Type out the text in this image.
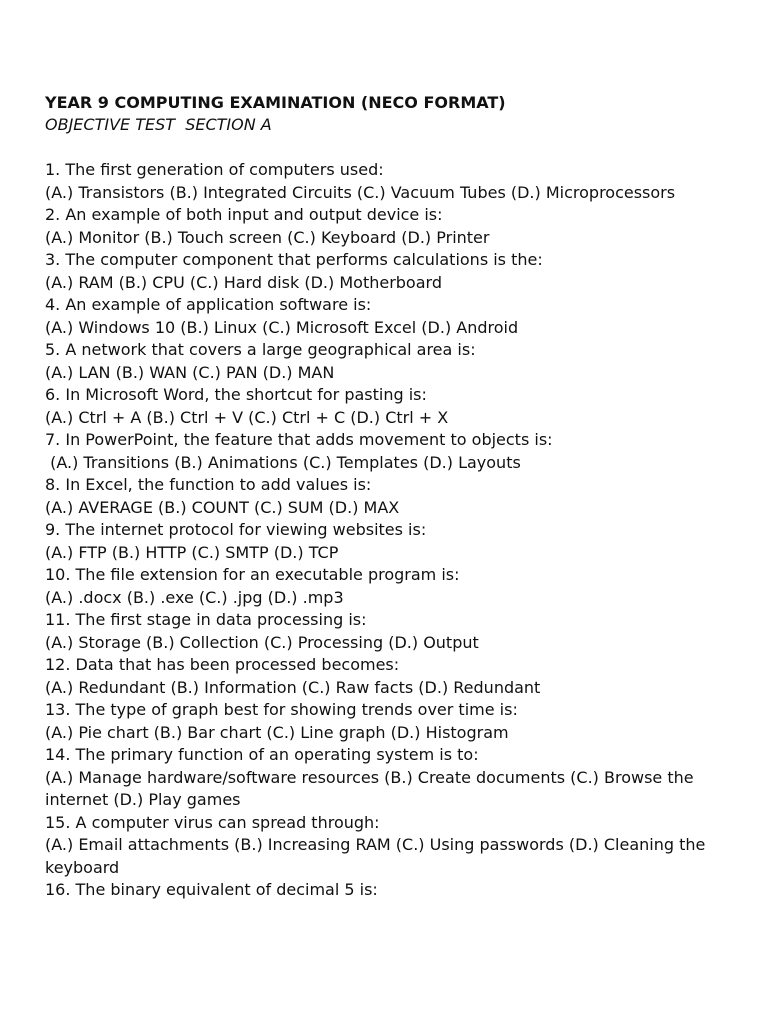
YEAR 9 COMPUTING EXAMINATION (NECO FORMAT)

OBJECTIVE TEST  SECTION A

1. The first generation of computers used:

(A.) Transistors (B.) Integrated Circuits (C.) Vacuum Tubes (D.) Microprocessors

2. An example of both input and output device is:

(A.) Monitor (B.) Touch screen (C.) Keyboard (D.) Printer

3. The computer component that performs calculations is the:

(A.) RAM (B.) CPU (C.) Hard disk (D.) Motherboard

4. An example of application software is:

(A.) Windows 10 (B.) Linux (C.) Microsoft Excel (D.) Android

5. A network that covers a large geographical area is:

(A.) LAN (B.) WAN (C.) PAN (D.) MAN

6. In Microsoft Word, the shortcut for pasting is:

(A.) Ctrl + A (B.) Ctrl + V (C.) Ctrl + C (D.) Ctrl + X

7. In PowerPoint, the feature that adds movement to objects is:

(A.) Transitions (B.) Animations (C.) Templates (D.) Layouts

8. In Excel, the function to add values is:

(A.) AVERAGE (B.) COUNT (C.) SUM (D.) MAX

9. The internet protocol for viewing websites is:

(A.) FTP (B.) HTTP (C.) SMTP (D.) TCP

10. The file extension for an executable program is:

(A.) .docx (B.) .exe (C.) .jpg (D.) .mp3

11. The first stage in data processing is:

(A.) Storage (B.) Collection (C.) Processing (D.) Output

12. Data that has been processed becomes:

(A.) Redundant (B.) Information (C.) Raw facts (D.) Redundant

13. The type of graph best for showing trends over time is:

(A.) Pie chart (B.) Bar chart (C.) Line graph (D.) Histogram

14. The primary function of an operating system is to:

(A.) Manage hardware/software resources (B.) Create documents (C.) Browse the internet (D.) Play games

15. A computer virus can spread through:

(A.) Email attachments (B.) Increasing RAM (C.) Using passwords (D.) Cleaning the keyboard

16. The binary equivalent of decimal 5 is:
